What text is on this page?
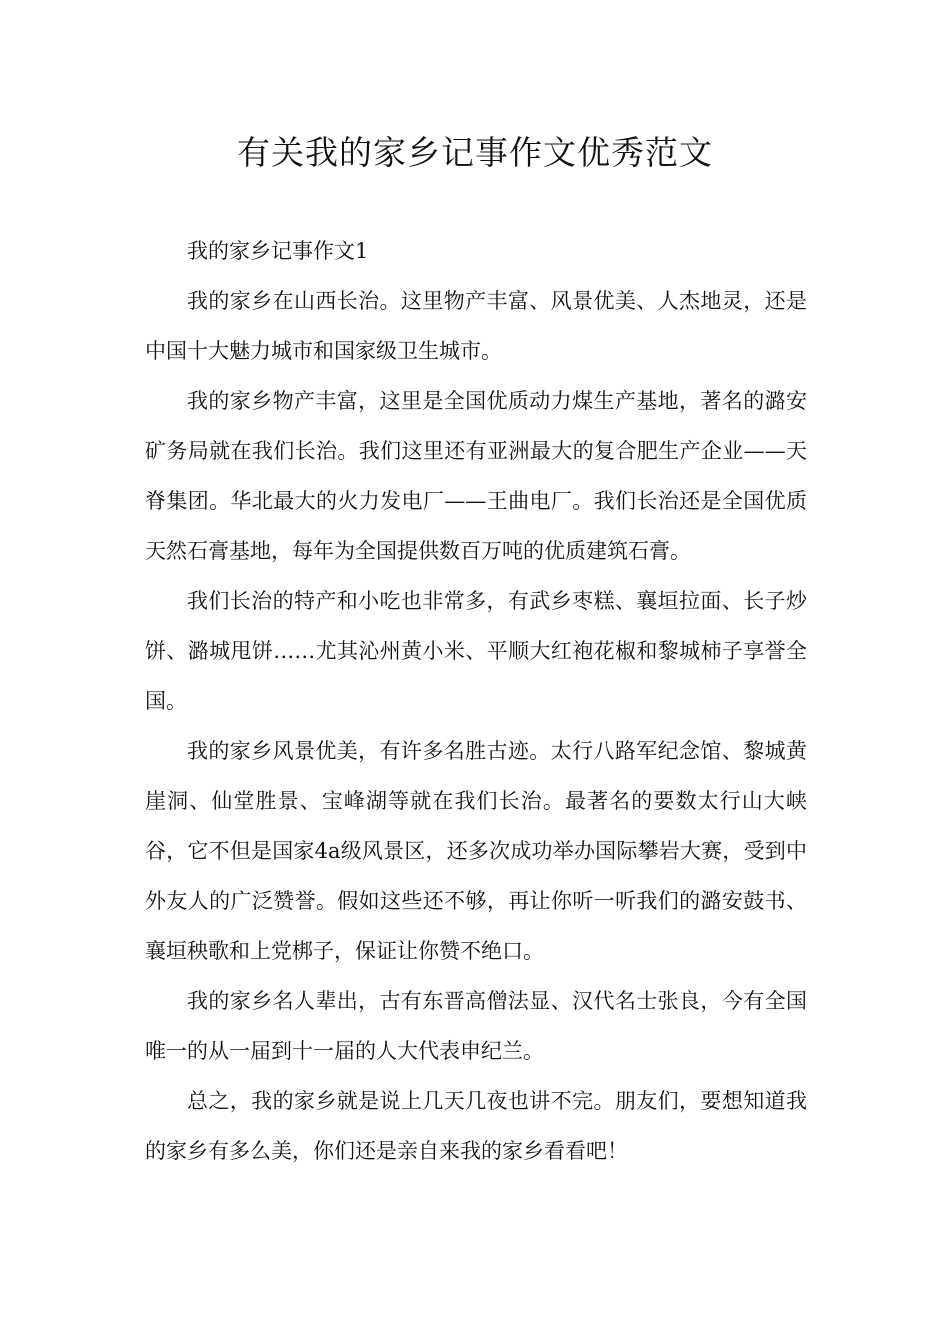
有关我的家乡记事作文优秀范文

我的家乡记事作文1

我的家乡在山西长治。这里物产丰富、风景优美、人杰地灵，还是中国十大魅力城市和国家级卫生城市。

我的家乡物产丰富，这里是全国优质动力煤生产基地，著名的潞安矿务局就在我们长治。我们这里还有亚洲最大的复合肥生产企业——天脊集团。华北最大的火力发电厂——王曲电厂。我们长治还是全国优质天然石膏基地，每年为全国提供数百万吨的优质建筑石膏。

我们长治的特产和小吃也非常多，有武乡枣糕、襄垣拉面、长子炒饼、潞城甩饼……尤其沁州黄小米、平顺大红袍花椒和黎城柿子享誉全国。

我的家乡风景优美，有许多名胜古迹。太行八路军纪念馆、黎城黄崖洞、仙堂胜景、宝峰湖等就在我们长治。最著名的要数太行山大峡谷，它不但是国家4a级风景区，还多次成功举办国际攀岩大赛，受到中外友人的广泛赞誉。假如这些还不够，再让你听一听我们的潞安鼓书、襄垣秧歌和上党梆子，保证让你赞不绝口。

我的家乡名人辈出，古有东晋高僧法显、汉代名士张良，今有全国唯一的从一届到十一届的人大代表申纪兰。

总之，我的家乡就是说上几天几夜也讲不完。朋友们，要想知道我的家乡有多么美，你们还是亲自来我的家乡看看吧！
